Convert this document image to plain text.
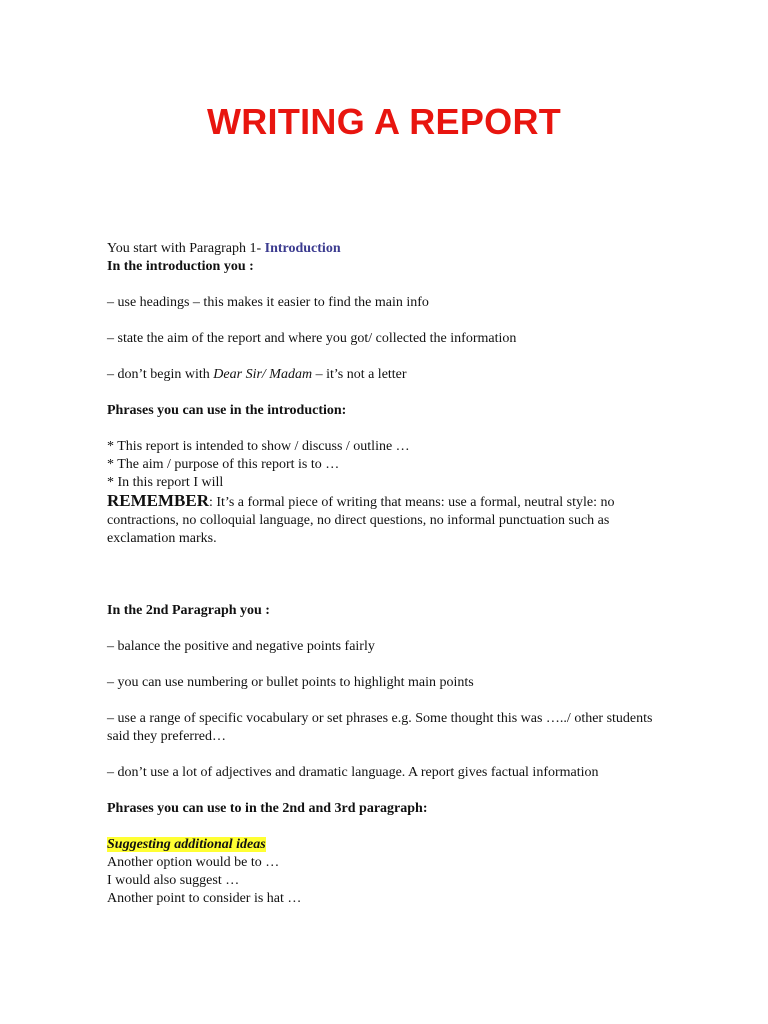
WRITING A REPORT

You start with Paragraph 1- Introduction

In the introduction you :

– use headings – this makes it easier to find the main info

– state the aim of the report and where you got/ collected the information

– don’t begin with Dear Sir/ Madam – it’s not a letter

Phrases you can use in the introduction:

* This report is intended to show / discuss / outline …

* The aim / purpose of this report is to …

* In this report I will

REMEMBER: It’s a formal piece of writing that means: use a formal, neutral style: no contractions, no colloquial language, no direct questions, no informal punctuation such as exclamation marks.

In the 2nd Paragraph you :

– balance the positive and negative points fairly

– you can use numbering or bullet points to highlight main points

– use a range of specific vocabulary or set phrases e.g. Some thought this was …../ other students said they preferred…

– don’t use a lot of adjectives and dramatic language. A report gives factual information

Phrases you can use to in the 2nd and 3rd paragraph:

Suggesting additional ideas

Another option would be to …

I would also suggest …

Another point to consider is hat …
